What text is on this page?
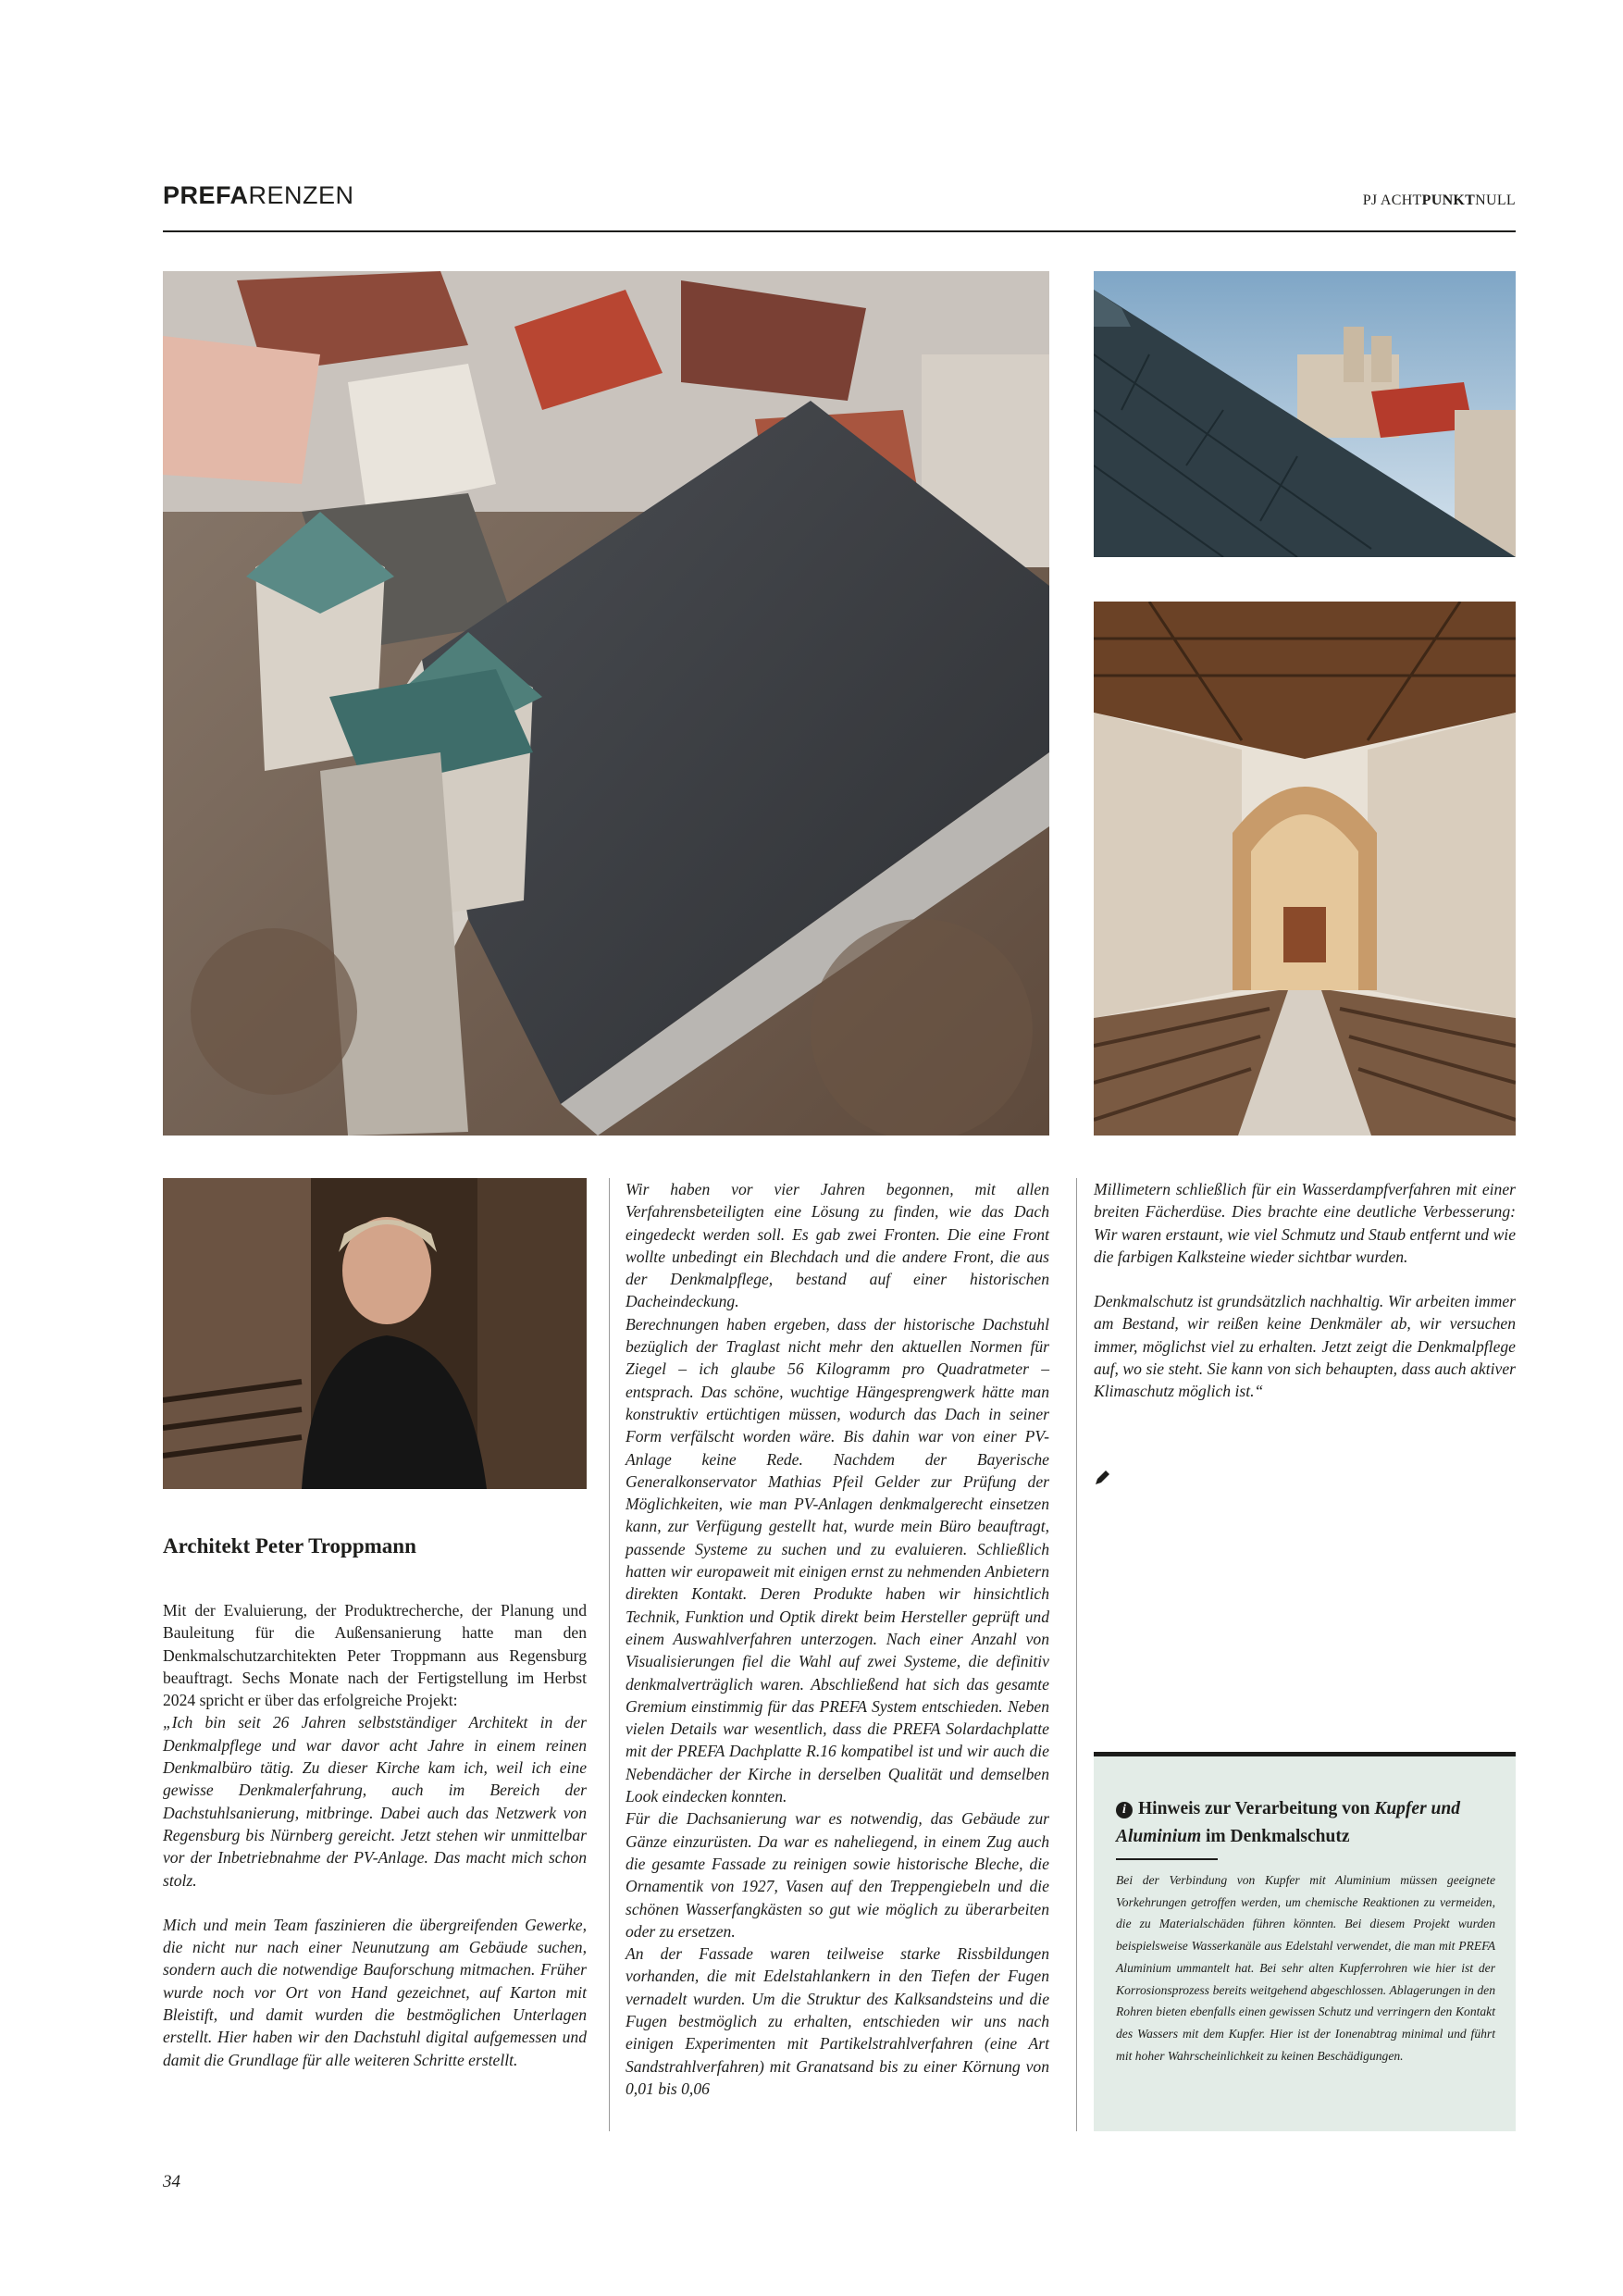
PREFARENZEN	PJ ACHTPUNKTNULL
Architekt Peter Troppmann

Mit der Evaluierung, der Produktrecherche, der Planung und Bauleitung für die Außensanierung hatte man den Denkmalschutzarchitekten Peter Troppmann aus Regensburg beauftragt. Sechs Monate nach der Fertigstellung im Herbst 2024 spricht er über das erfolgreiche Projekt:

„Ich bin seit 26 Jahren selbstständiger Architekt in der Denkmalpflege und war davor acht Jahre in einem reinen Denkmalbüro tätig. Zu dieser Kirche kam ich, weil ich eine gewisse Denkmalerfahrung, auch im Bereich der Dachstuhlsanierung, mitbringe. Dabei auch das Netzwerk von Regensburg bis Nürnberg gereicht. Jetzt stehen wir unmittelbar vor der Inbetriebnahme der PV-Anlage. Das macht mich schon stolz.

Mich und mein Team faszinieren die übergreifenden Gewerke, die nicht nur nach einer Neunutzung am Gebäude suchen, sondern auch die notwendige Bauforschung mitmachen. Früher wurde noch vor Ort von Hand gezeichnet, auf Karton mit Bleistift, und damit wurden die bestmöglichen Unterlagen erstellt. Hier haben wir den Dachstuhl digital aufgemessen und damit die Grundlage für alle weiteren Schritte erstellt.

Wir haben vor vier Jahren begonnen, mit allen Verfahrensbeteiligten eine Lösung zu finden, wie das Dach eingedeckt werden soll. Es gab zwei Fronten. Die eine Front wollte unbedingt ein Blechdach und die andere Front, die aus der Denkmalpflege, bestand auf einer historischen Dacheindeckung.

Berechnungen haben ergeben, dass der historische Dachstuhl bezüglich der Traglast nicht mehr den aktuellen Normen für Ziegel – ich glaube 56 Kilogramm pro Quadratmeter – entsprach. Das schöne, wuchtige Hängesprengwerk hätte man konstruktiv ertüchtigen müssen, wodurch das Dach in seiner Form verfälscht worden wäre. Bis dahin war von einer PV-Anlage keine Rede. Nachdem der Bayerische Generalkonservator Mathias Pfeil Gelder zur Prüfung der Möglichkeiten, wie man PV-Anlagen denkmalgerecht einsetzen kann, zur Verfügung gestellt hat, wurde mein Büro beauftragt, passende Systeme zu suchen und zu evaluieren. Schließlich hatten wir europaweit mit einigen ernst zu nehmenden Anbietern direkten Kontakt. Deren Produkte haben wir hinsichtlich Technik, Funktion und Optik direkt beim Hersteller geprüft und einem Auswahlverfahren unterzogen. Nach einer Anzahl von Visualisierungen fiel die Wahl auf zwei Systeme, die definitiv denkmalverträglich waren. Abschließend hat sich das gesamte Gremium einstimmig für das PREFA System entschieden. Neben vielen Details war wesentlich, dass die PREFA Solardachplatte mit der PREFA Dachplatte R.16 kompatibel ist und wir auch die Nebendächer der Kirche in derselben Qualität und demselben Look eindecken konnten.

Für die Dachsanierung war es notwendig, das Gebäude zur Gänze einzurüsten. Da war es naheliegend, in einem Zug auch die gesamte Fassade zu reinigen sowie historische Bleche, die Ornamentik von 1927, Vasen auf den Treppengiebeln und die schönen Wasserfangkästen so gut wie möglich zu überarbeiten oder zu ersetzen.

An der Fassade waren teilweise starke Rissbildungen vorhanden, die mit Edelstahlankern in den Tiefen der Fugen vernadelt wurden. Um die Struktur des Kalksandsteins und die Fugen bestmöglich zu erhalten, entschieden wir uns nach einigen Experimenten mit Partikelstrahlverfahren (eine Art Sandstrahlverfahren) mit Granatsand bis zu einer Körnung von 0,01 bis 0,06

Millimetern schließlich für ein Wasserdampfverfahren mit einer breiten Fächerdüse. Dies brachte eine deutliche Verbesserung: Wir waren erstaunt, wie viel Schmutz und Staub entfernt und wie die farbigen Kalksteine wieder sichtbar wurden.

Denkmalschutz ist grundsätzlich nachhaltig. Wir arbeiten immer am Bestand, wir reißen keine Denkmäler ab, wir versuchen immer, möglichst viel zu erhalten. Jetzt zeigt die Denkmalpflege auf, wo sie steht. Sie kann von sich behaupten, dass auch aktiver Klimaschutz möglich ist.“

i Hinweis zur Verarbeitung von Kupfer und Aluminium im Denkmalschutz
Bei der Verbindung von Kupfer mit Aluminium müssen geeignete Vorkehrungen getroffen werden, um chemische Reaktionen zu vermeiden, die zu Materialschäden führen könnten. Bei diesem Projekt wurden beispielsweise Wasserkanäle aus Edelstahl verwendet, die man mit PREFA Aluminium ummantelt hat. Bei sehr alten Kupferrohren wie hier ist der Korrosionsprozess bereits weitgehend abgeschlossen. Ablagerungen in den Rohren bieten ebenfalls einen gewissen Schutz und verringern den Kontakt des Wassers mit dem Kupfer. Hier ist der Ionenabtrag minimal und führt mit hoher Wahrscheinlichkeit zu keinen Beschädigungen.
34
